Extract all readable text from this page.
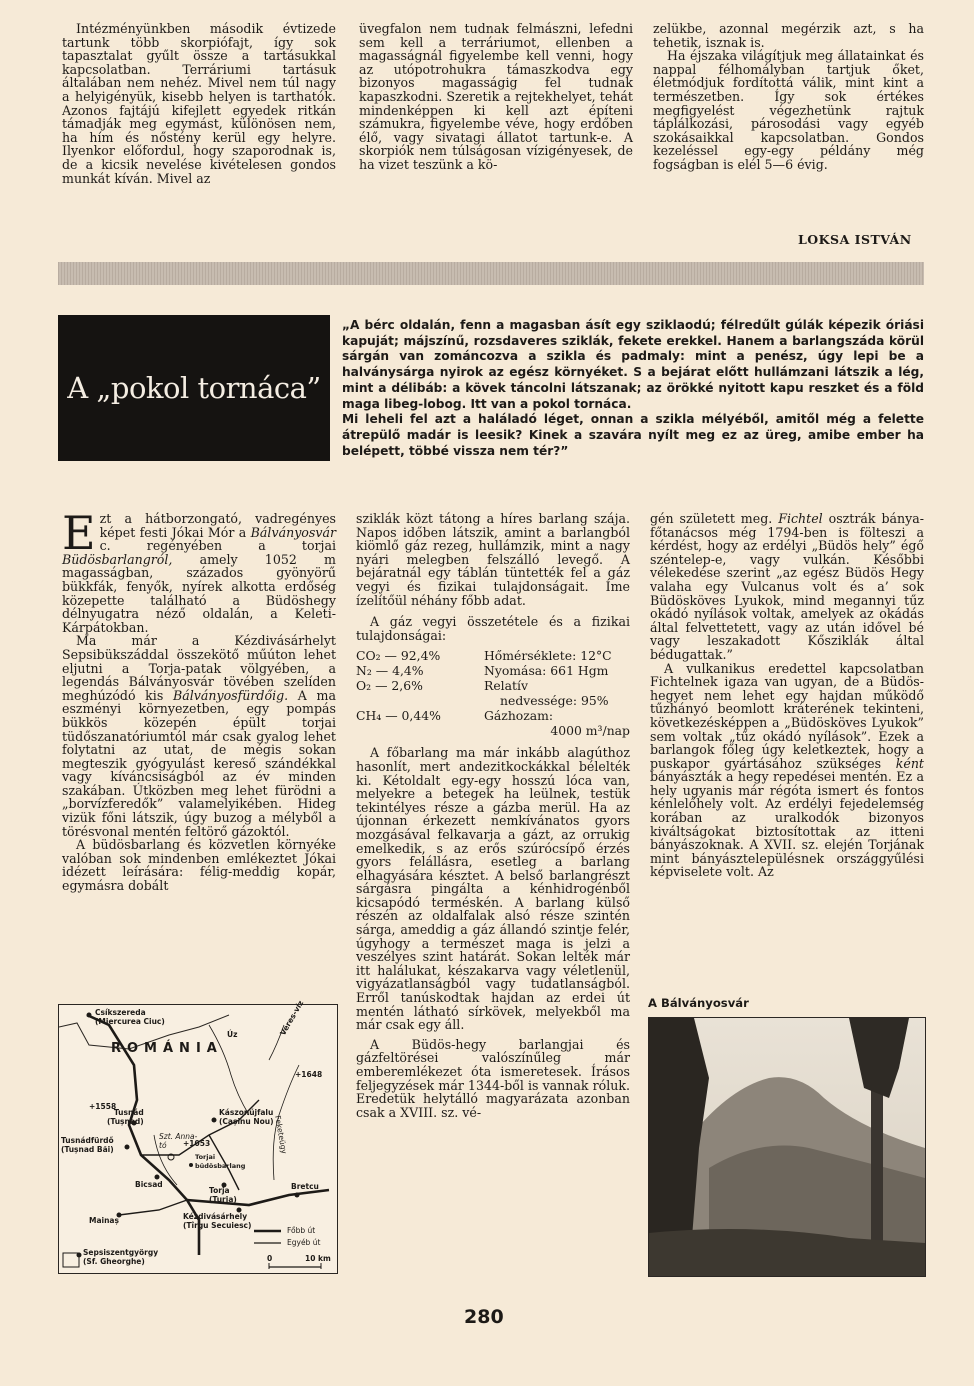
Intézményünkben második évtizede tartunk több skorpiófajt, így sok tapasztalat gyűlt össze a tartásukkal kapcsolatban. Terráriumi tartásuk általában nem nehéz. Mivel nem túl nagy a helyigényük, kisebb helyen is tarthatók. Azonos fajtájú kifejlett egyedek ritkán támadják meg egymást, különösen nem, ha hím és nőstény kerül egy helyre. Ilyenkor előfordul, hogy szaporodnak is, de a kicsik nevelése kivételesen gondos munkát kíván. Mivel az

üvegfalon nem tudnak felmászni, lefedni sem kell a terráriumot, ellenben a magasságnál figyelembe kell venni, hogy az utópotrohukra támaszkodva egy bizonyos magasságig fel tudnak kapaszkodni. Szeretik a rejtekhelyet, tehát mindenképpen ki kell azt építeni számukra, figyelembe véve, hogy erdőben élő, vagy sivatagi állatot tartunk-e. A skorpiók nem túlságosan vízigényesek, de ha vizet teszünk a kö-

zelükbe, azonnal megérzik azt, s ha tehetik, isznak is.

Ha éjszaka világítjuk meg állatainkat és nappal félhomályban tartjuk őket, életmódjuk fordítottá válik, mint kint a természetben. Így sok értékes megfigyelést végezhetünk rajtuk táplálkozási, párosodási vagy egyéb szokásaikkal kapcsolatban. Gondos kezeléssel egy-egy példány még fogságban is elél 5—6 évig.

LOKSA ISTVÁN
A „pokol tornáca”
„A bérc oldalán, fenn a magasban ásít egy sziklaodú; félredűlt gúlák képezik óriási kapuját; májszínű, rozsdaveres sziklák, fekete erekkel. Hanem a barlangszáda körül sárgán van zománcozva a szikla és padmaly: mint a penész, úgy lepi be a halványsárga nyirok az egész környéket. S a bejárat előtt hullámzani látszik a lég, mint a délibáb: a kövek táncolni látszanak; az örökké nyitott kapu reszket és a föld maga libeg-lobog. Itt van a pokol tornáca.
Mi leheli fel azt a haláladó léget, onnan a szikla mélyéből, amitől még a felette átrepülő madár is leesik? Kinek a szavára nyílt meg ez az üreg, amibe ember ha belépett, többé vissza nem tér?”

Ezt a hátborzongató, vadregényes képet festi Jókai Mór a Bálványosvár c. regényében a torjai Büdösbarlangról, amely 1052 m magasságban, százados gyönyörű bükkfák, fenyők, nyírek alkotta erdőség közepette található a Büdöshegy délnyugatra néző oldalán, a Keleti-Kárpátokban.

Ma már a Kézdivásárhelyt Sepsibükszáddal összekötő műúton lehet eljutni a Torja-patak völgyében, a legendás Bálványosvár tövében szelíden meghúzódó kis Bálványosfürdőig. A ma eszményi környezetben, egy pompás bükkös közepén épült torjai tüdőszanatóriumtól már csak gyalog lehet folytatni az utat, de mégis sokan megteszik gyógyulást kereső szándékkal vagy kíváncsiságból az év minden szakában. Útközben meg lehet fürödni a „borvízferedők” valamelyikében. Hideg vizük főni látszik, úgy buzog a mélyből a törésvonal mentén feltörő gázoktól.

A büdösbarlang és közvetlen környéke valóban sok mindenben emlékeztet Jókai idézett leírására: félig-meddig kopár, egymásra dobált

ROMÁNIA
Csíkszereda
(Miercurea Ciuc)
Úz	Veres-víz
+1558
+1648
Tusnád
(Tușnad)
Kászonújfalu
(Cașinu Nou)
Tusnádfürdő
(Tușnad Băi)
Szt. Anna-
tó	+1053
Torjai
büdösbarlang
Feketeügy
Bicsad
Torja
(Turia)
Bretcu
Mainaș	Kézdivásárhely
(Tîrgu Secuiesc)
Sepsiszentgyörgy
(Sf. Gheorghe)
Főbb út
Egyéb út
0	10 km

sziklák közt tátong a híres barlang szája. Napos időben látszik, amint a barlangból kiömlő gáz rezeg, hullámzik, mint a nagy nyári melegben felszálló levegő. A bejáratnál egy táblán tüntették fel a gáz vegyi és fizikai tulajdonságait. Íme ízelítőül néhány főbb adat.

A gáz vegyi összetétele és a fizikai tulajdonságai:

CO₂ — 92,4%	Hőmérséklete: 12°C
N₂ — 4,4%	Nyomása: 661 Hgm
O₂ — 2,6%	Relatív
nedvessége: 95%
CH₄ — 0,44%	Gázhozam:
4000 m³/nap

A főbarlang ma már inkább alagúthoz hasonlít, mert andezitkockákkal bélelték ki. Kétoldalt egy-egy hosszú lóca van, melyekre a betegek ha leülnek, testük tekintélyes része a gázba merül. Ha az újonnan érkezett nemkívánatos gyors mozgásával felkavarja a gázt, az orrukig emelkedik, s az erős szúrócsípő érzés gyors felállásra, esetleg a barlang elhagyására késztet. A belső barlangrészt sárgásra pingálta a kénhidrogénből kicsapódó terméskén. A barlang külső részén az oldalfalak alsó része szintén sárga, ameddig a gáz állandó szintje felér, úgyhogy a természet maga is jelzi a veszélyes szint határát. Sokan lelték már itt halálukat, készakarva vagy véletlenül, vigyázatlanságból vagy tudatlanságból. Erről tanúskodtak hajdan az erdei út mentén látható sírkövek, melyekből ma már csak egy áll.

A Büdös-hegy barlangjai és gázfeltörései valószínűleg már emberemlékezet óta ismeretesek. Írásos feljegyzések már 1344-ből is vannak róluk. Eredetük helytálló magyarázata azonban csak a XVIII. sz. vé-

gén született meg. Fichtel osztrák bánya-főtanácsos még 1794-ben is fölteszi a kérdést, hogy az erdélyi „Büdös hely” égő széntelep-e, vagy vulkán. Későbbi vélekedése szerint „az egész Büdös Hegy valaha egy Vulcanus volt és a’ sok Büdösköves Lyukok, mind megannyi tűz okádó nyílások voltak, amelyek az okádás által felvettetett, vagy az után idővel bé vagy leszakadott Kősziklák által bédugattak.”

A vulkanikus eredettel kapcsolatban Fichtelnek igaza van ugyan, de a Büdös-hegyet nem lehet egy hajdan működő tűzhányó beomlott kráterének tekinteni, következésképpen a „Büdösköves Lyukok” sem voltak „tűz okádó nyílások”. Ezek a barlangok főleg úgy keletkeztek, hogy a puskapor gyártásához szükséges ként bányászták a hegy repedései mentén. Ez a hely ugyanis már régóta ismert és fontos kénlelőhely volt. Az erdélyi fejedelemség korában az uralkodók bizonyos kiváltságokat biztosítottak az itteni bányászoknak. A XVII. sz. elején Torjának mint bányásztelepülésnek országgyűlési képviselete volt. Az

A Bálványosvár
280
